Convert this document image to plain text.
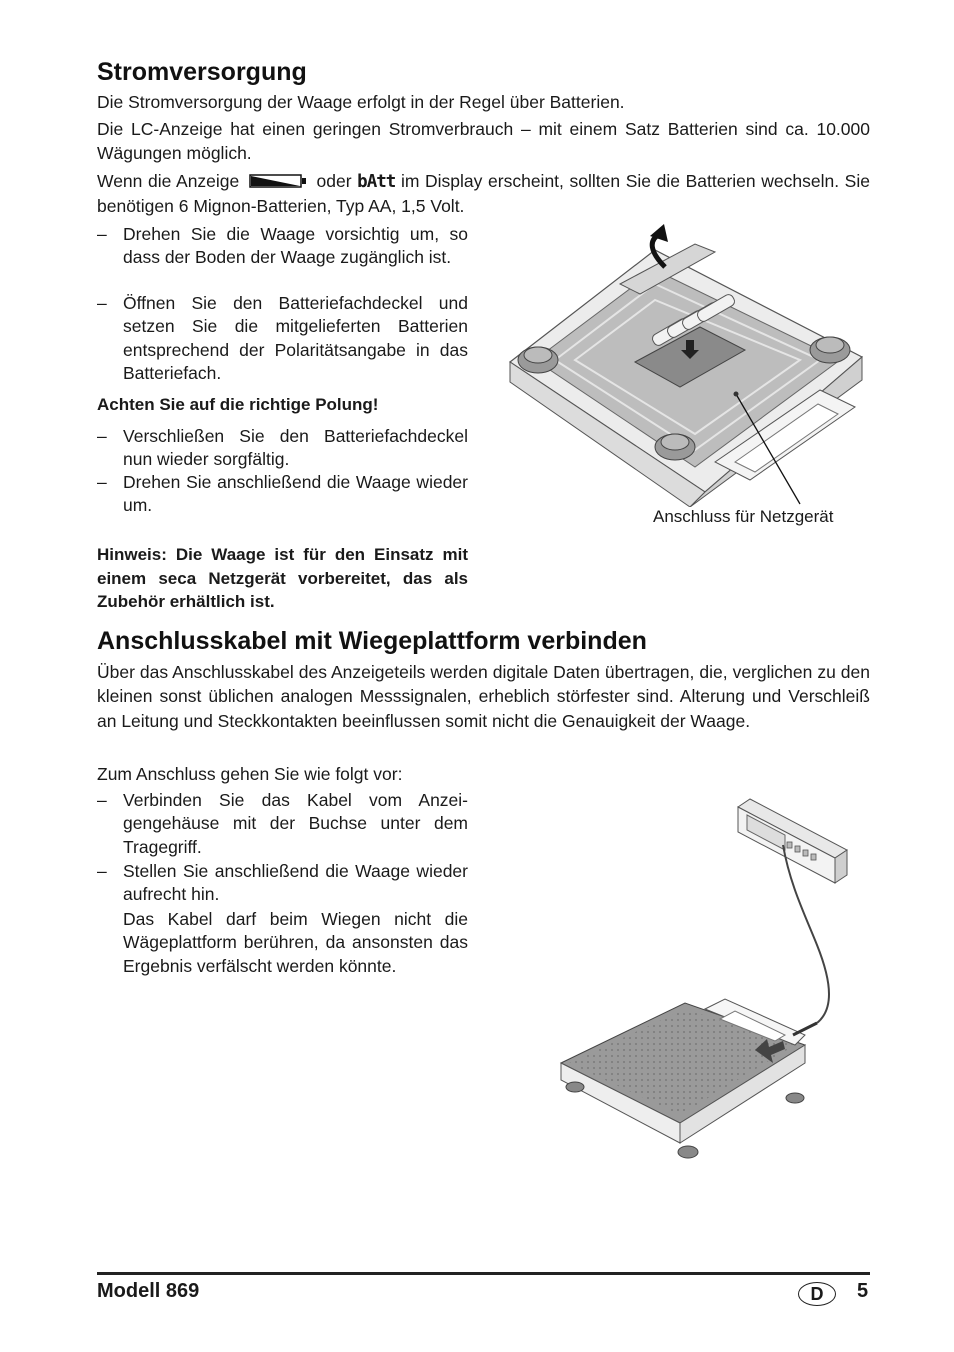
Stromversorgung

Die Stromversorgung der Waage erfolgt in der Regel über Batterien.

Die LC-Anzeige hat einen geringen Stromverbrauch – mit einem Satz Batterien sind ca. 10.000 Wägungen möglich.

Wenn die Anzeige	oder bAtt im Display erscheint, sollten Sie die Batterien wechseln. Sie benötigen 6 Mignon-Batterien, Typ AA, 1,5 Volt.

– Drehen Sie die Waage vorsichtig um, so dass der Boden der Waage zugänglich ist.
– Öffnen Sie den Batteriefachdeckel und setzen Sie die mitgelieferten Batterien entsprechend der Polaritätsangabe in das Batteriefach.
Achten Sie auf die richtige Polung!
– Verschließen Sie den Batteriefachdeckel nun wieder sorgfältig.
– Drehen Sie anschließend die Waage wieder um.
Hinweis: Die Waage ist für den Einsatz mit einem seca Netzgerät vorbereitet, das als Zubehör erhältlich ist.
Anschluss für Netzgerät
Anschlusskabel mit Wiegeplattform verbinden

Über das Anschlusskabel des Anzeigeteils werden digitale Daten übertragen, die, verglichen zu den kleinen sonst üblichen analogen Messsignalen, erheblich störfester sind. Alterung und Verschleiß an Leitung und Steckkontakten beeinflussen somit nicht die Genauigkeit der Waage.

Zum Anschluss gehen Sie wie folgt vor:

– Verbinden Sie das Kabel vom Anzeigengehäuse mit der Buchse unter dem Tragegriff.
– Stellen Sie anschließend die Waage wieder aufrecht hin.
Das Kabel darf beim Wiegen nicht die Wägeplattform berühren, da ansonsten das Ergebnis verfälscht werden könnte.
Modell 869	D	5
